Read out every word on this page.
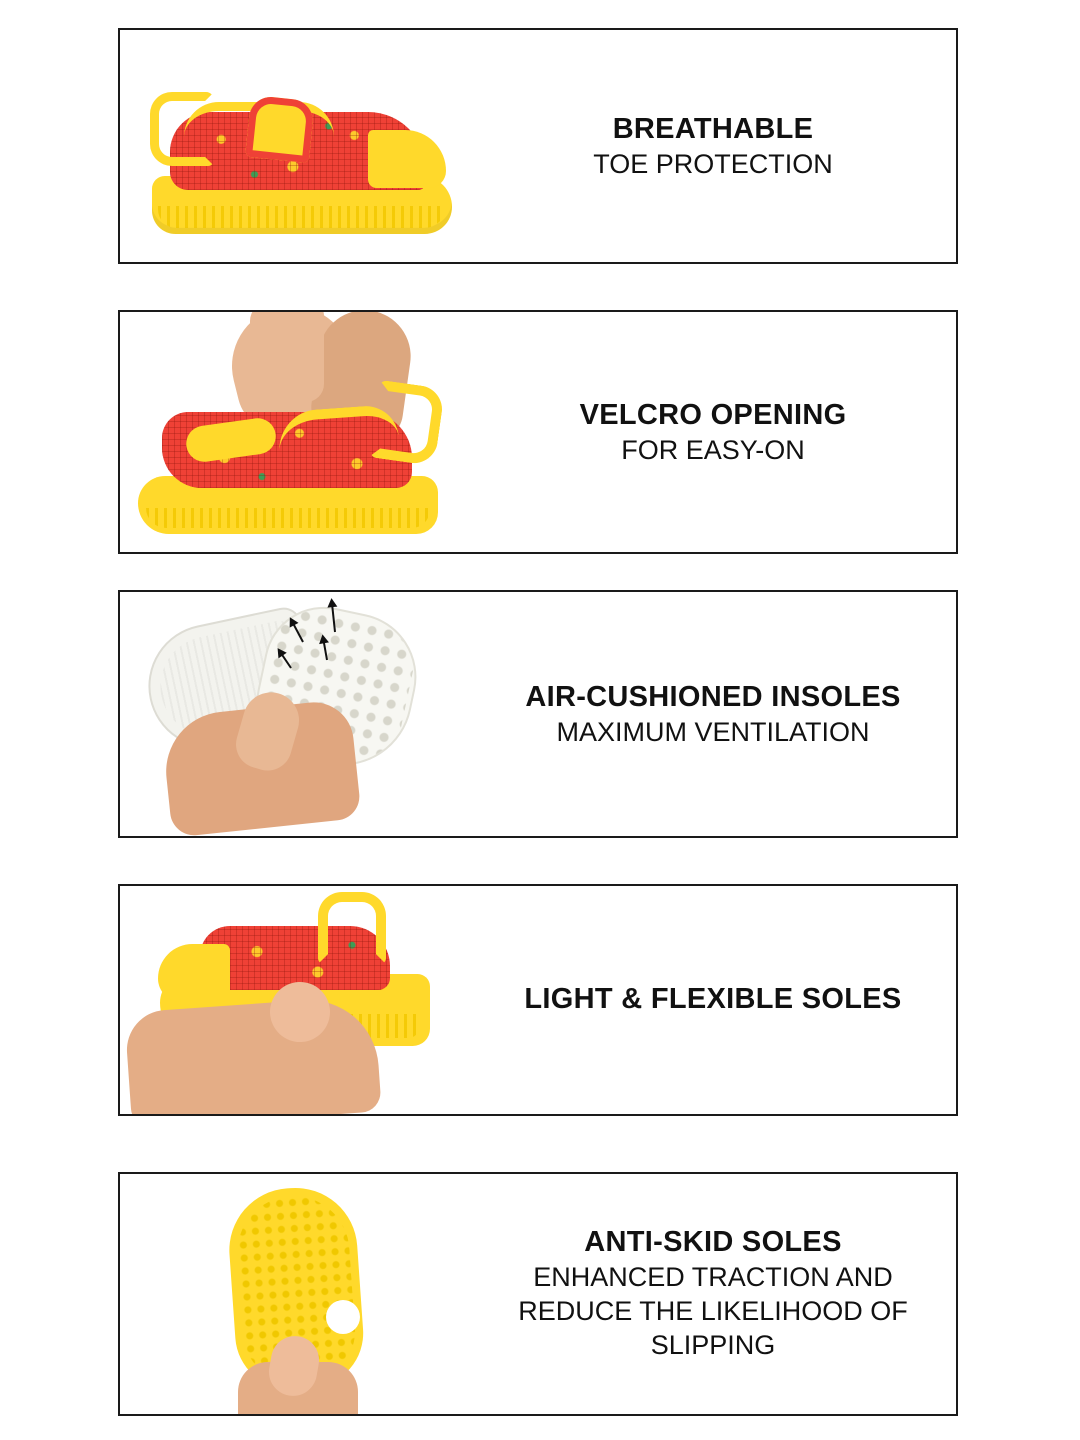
BREATHABLE
TOE PROTECTION
VELCRO OPENING
FOR EASY-ON
AIR-CUSHIONED INSOLES
MAXIMUM VENTILATION
LIGHT & FLEXIBLE SOLES
ANTI-SKID SOLES
ENHANCED TRACTION AND REDUCE THE LIKELIHOOD OF SLIPPING
